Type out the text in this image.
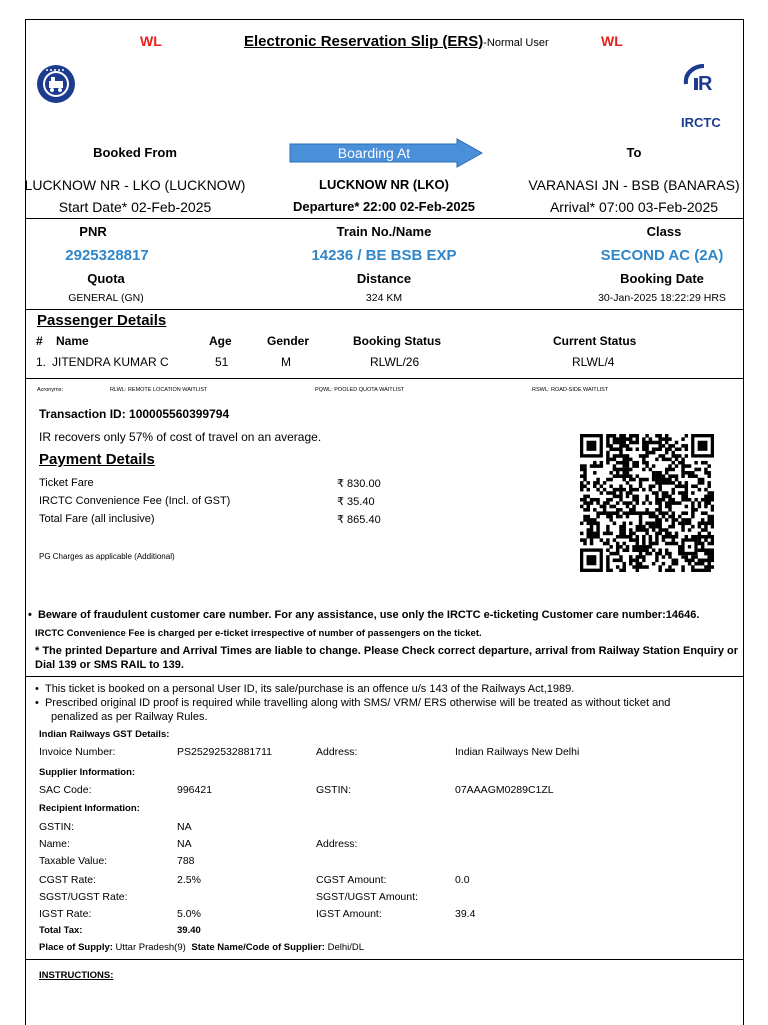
WL	Electronic Reservation Slip (ERS)-Normal User	WL
R
IRCTC
Booked From	Boarding At	To
LUCKNOW NR - LKO (LUCKNOW)	LUCKNOW NR (LKO)	VARANASI JN - BSB (BANARAS)
Start Date* 02-Feb-2025	Departure* 22:00 02-Feb-2025	Arrival* 07:00 03-Feb-2025
PNR	Train No./Name	Class
2925328817	14236 / BE BSB EXP	SECOND AC (2A)
Quota	Distance	Booking Date
GENERAL (GN)	324 KM	30-Jan-2025 18:22:29 HRS
Passenger Details
# Name	Age	Gender	Booking Status	Current Status
1. JITENDRA KUMAR C	51	M	RLWL/26	RLWL/4
Acronyms:	RLWL: REMOTE LOCATION WAITLIST	PQWL: POOLED QUOTA WAITLIST	RSWL: ROAD-SIDE WAITLIST
Transaction ID: 100005560399794
IR recovers only 57% of cost of travel on an average.
Payment Details
Ticket Fare	₹ 830.00
IRCTC Convenience Fee (Incl. of GST)	₹ 35.40
Total Fare (all inclusive)	₹ 865.40
PG Charges as applicable (Additional)
•  Beware of fraudulent customer care number. For any assistance, use only the IRCTC e-ticketing Customer care number:14646.
IRCTC Convenience Fee is charged per e-ticket irrespective of number of passengers on the ticket.
* The printed Departure and Arrival Times are liable to change. Please Check correct departure, arrival from Railway Station Enquiry or
Dial 139 or SMS RAIL to 139.
•  This ticket is booked on a personal User ID, its sale/purchase is an offence u/s 143 of the Railways Act,1989.
•  Prescribed original ID proof is required while travelling along with SMS/ VRM/ ERS otherwise will be treated as without ticket and
penalized as per Railway Rules.
Indian Railways GST Details:
Invoice Number:	PS25292532881711	Address:	Indian Railways New Delhi
Supplier Information:
SAC Code:	996421	GSTIN:	07AAAGM0289C1ZL
Recipient Information:
GSTIN:	NA
Name:	NA	Address:
Taxable Value:	788
CGST Rate:	2.5%	CGST Amount:	0.0
SGST/UGST Rate:	SGST/UGST Amount:
IGST Rate:	5.0%	IGST Amount:	39.4
Total Tax:	39.40
Place of Supply: Uttar Pradesh(9) State Name/Code of Supplier: Delhi/DL
INSTRUCTIONS:
